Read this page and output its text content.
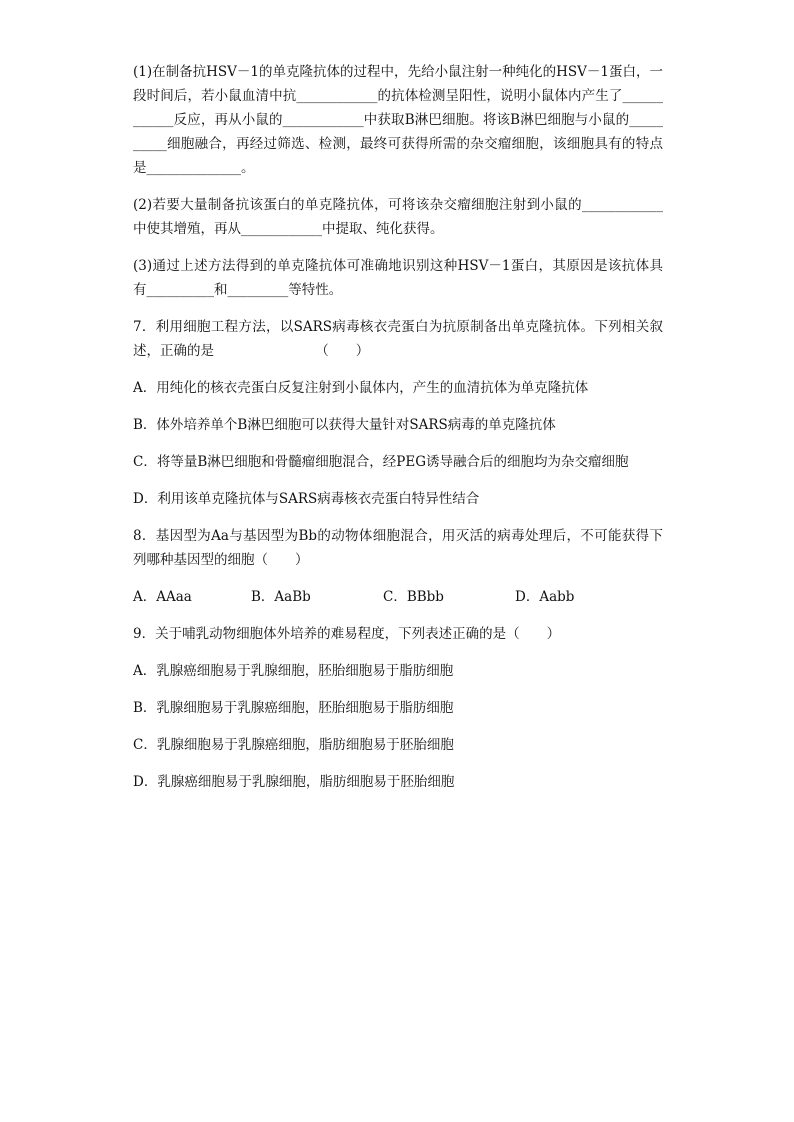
(1)在制备抗HSV－1的单克隆抗体的过程中，先给小鼠注射一种纯化的HSV－1蛋白，一段时间后，若小鼠血清中抗____________的抗体检测呈阳性，说明小鼠体内产生了____________反应，再从小鼠的____________中获取B淋巴细胞。将该B淋巴细胞与小鼠的__________细胞融合，再经过筛选、检测，最终可获得所需的杂交瘤细胞，该细胞具有的特点是______________。

(2)若要大量制备抗该蛋白的单克隆抗体，可将该杂交瘤细胞注射到小鼠的____________中使其增殖，再从____________中提取、纯化获得。

(3)通过上述方法得到的单克隆抗体可准确地识别这种HSV－1蛋白，其原因是该抗体具有__________和_________等特性。

7．利用细胞工程方法，以SARS病毒核衣壳蛋白为抗原制备出单克隆抗体。下列相关叙述，正确的是　　　　　　　　（　　）

A．用纯化的核衣壳蛋白反复注射到小鼠体内，产生的血清抗体为单克隆抗体

B．体外培养单个B淋巴细胞可以获得大量针对SARS病毒的单克隆抗体

C．将等量B淋巴细胞和骨髓瘤细胞混合，经PEG诱导融合后的细胞均为杂交瘤细胞

D．利用该单克隆抗体与SARS病毒核衣壳蛋白特异性结合

8．基因型为Aa与基因型为Bb的动物体细胞混合，用灭活的病毒处理后，不可能获得下列哪种基因型的细胞（　　）

A．AAaa	B．AaBb	C．BBbb	D．Aabb

9．关于哺乳动物细胞体外培养的难易程度，下列表述正确的是（　　）

A．乳腺癌细胞易于乳腺细胞，胚胎细胞易于脂肪细胞

B．乳腺细胞易于乳腺癌细胞，胚胎细胞易于脂肪细胞

C．乳腺细胞易于乳腺癌细胞，脂肪细胞易于胚胎细胞

D．乳腺癌细胞易于乳腺细胞，脂肪细胞易于胚胎细胞
